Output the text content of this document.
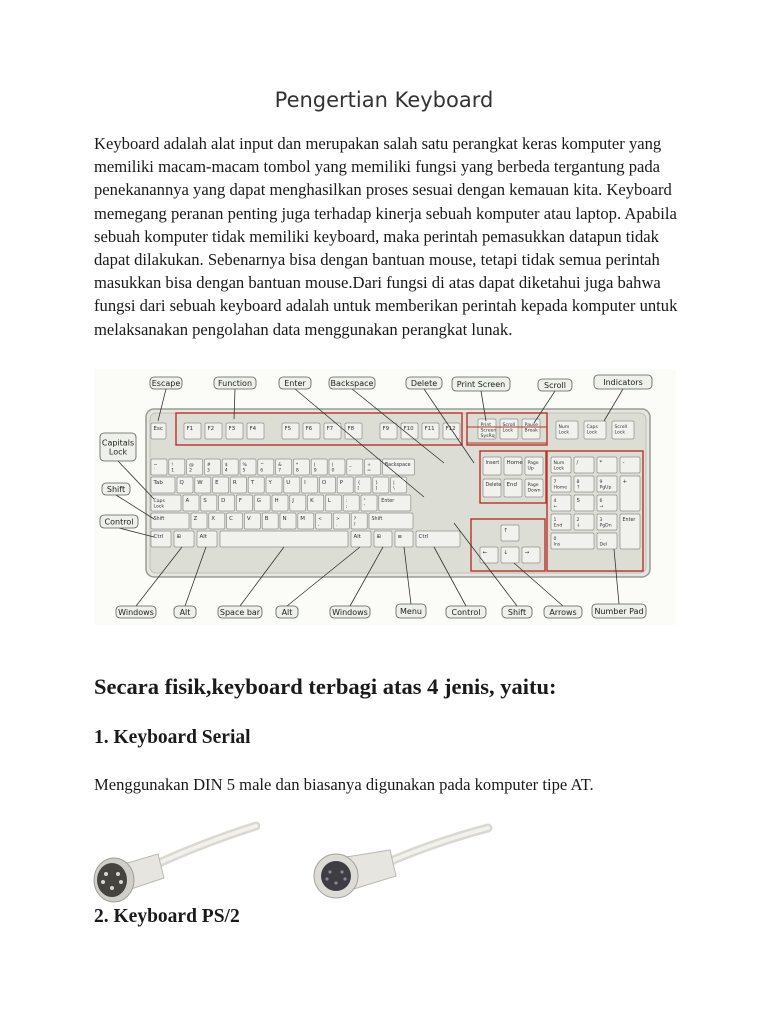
Pengertian Keyboard
Keyboard adalah alat input dan merupakan salah satu perangkat keras komputer yang memiliki macam-macam tombol yang memiliki fungsi yang berbeda tergantung pada penekanannya yang dapat menghasilkan proses sesuai dengan kemauan kita. Keyboard memegang peranan penting juga terhadap kinerja sebuah komputer atau laptop. Apabila sebuah komputer tidak memiliki keyboard, maka perintah pemasukkan datapun tidak dapat dilakukan. Sebenarnya bisa dengan bantuan mouse, tetapi tidak semua perintah masukkan bisa dengan bantuan mouse.Dari fungsi di atas dapat diketahui juga bahwa fungsi dari sebuah keyboard adalah untuk memberikan perintah kepada komputer untuk melaksanakan pengolahan data menggunakan perangkat lunak.
Esc	F1	F2	F3	F4	F5	F6	F7	F8	F9	F10 F11 F12
Print
Screen
SysRq
Scroll
Lock
Pause
Break
Num
Lock
Caps
Lock
Scroll
Lock
~
`
!
1
@
2
#
3
$
4
%
5
^
6
&
7
*
8
(
9
)
0
_
-
+
=
Backspace
Tab	Q W E	R	T	Y	U	I	O P	{
[
}
]
|
\
Caps
Lock
A	S	D F	G H J	K	L	:
;
"
'
Enter
Shift	Z	X	C	V	B	N M	<
,
>
.
?
/
Shift
Ctrl ⊞	Alt	Alt	⊞	≡	Ctrl
Insert Home Page
Up
Delete End Page
Down
↑
←	↓	→
Num
Lock
/	*	-
7
Home
8
↑
9
PgUp
4
←
5	6
→
1
End
2
↓
3
PgDn
0
Ins
.
Del
+
Enter
Escape	Function	Enter	Backspace	Delete Print Screen	Scroll	Indicators
Capitals
Lock
Shift
Control
Windows	Alt	Space bar	Alt	Windows	Menu	Control	Shift	Arrows Number Pad
Secara fisik,keyboard terbagi atas 4 jenis, yaitu:
1. Keyboard Serial
Menggunakan DIN 5 male dan biasanya digunakan pada komputer tipe AT.
2. Keyboard PS/2
